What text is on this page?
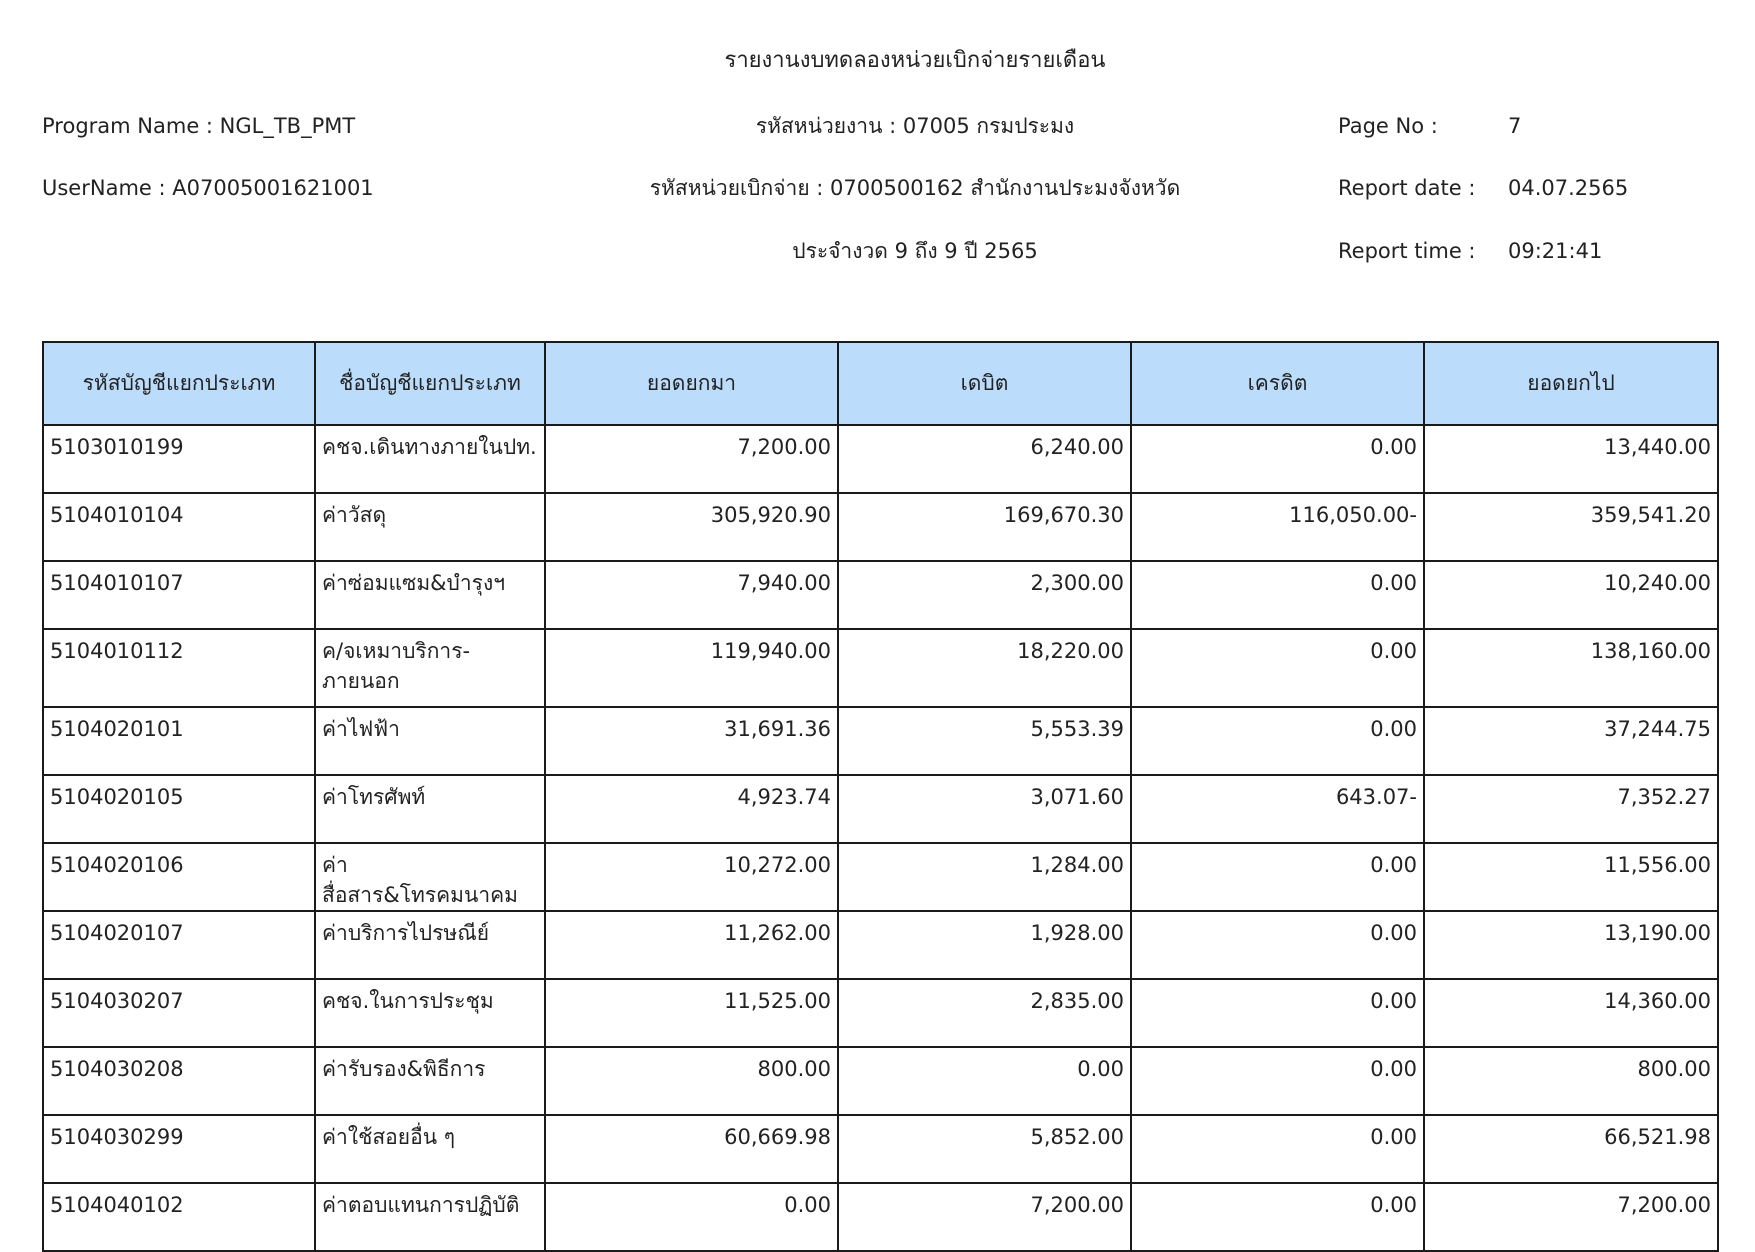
รายงานงบทดลองหน่วยเบิกจ่ายรายเดือน
Program Name : NGL_TB_PMT	รหัสหน่วยงาน : 07005 กรมประมง	Page No :	7
UserName : A07005001621001	รหัสหน่วยเบิกจ่าย : 0700500162 สำนักงานประมงจังหวัด	Report date : 04.07.2565
ประจำงวด 9 ถึง 9 ปี 2565	Report time : 09:21:41
รหัสบัญชีแยกประเภท	ชื่อบัญชีแยกประเภท	ยอดยกมา	เดบิต	เครดิต	ยอดยกไป
5103010199	คชจ.เดินทางภายในปท.	7,200.00	6,240.00	0.00	13,440.00
5104010104	ค่าวัสดุ	305,920.90	169,670.30	116,050.00-	359,541.20
5104010107	ค่าซ่อมแซม&บำรุงฯ	7,940.00	2,300.00	0.00	10,240.00
5104010112	ค/จเหมาบริการ-ภายนอก	119,940.00	18,220.00	0.00	138,160.00
5104020101	ค่าไฟฟ้า	31,691.36	5,553.39	0.00	37,244.75
5104020105	ค่าโทรศัพท์	4,923.74	3,071.60	643.07-	7,352.27
5104020106	ค่าสื่อสาร&โทรคมนาคม	10,272.00	1,284.00	0.00	11,556.00
5104020107	ค่าบริการไปรษณีย์	11,262.00	1,928.00	0.00	13,190.00
5104030207	คชจ.ในการประชุม	11,525.00	2,835.00	0.00	14,360.00
5104030208	ค่ารับรอง&พิธีการ	800.00	0.00	0.00	800.00
5104030299	ค่าใช้สอยอื่น ๆ	60,669.98	5,852.00	0.00	66,521.98
5104040102	ค่าตอบแทนการปฏิบัติ	0.00	7,200.00	0.00	7,200.00
